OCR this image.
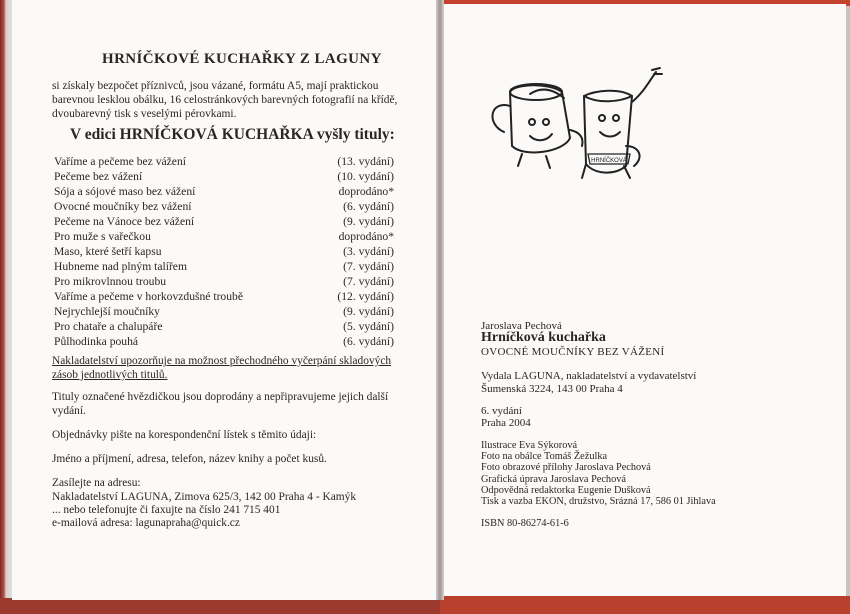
HRNÍČKOVÉ KUCHAŘKY Z LAGUNY
si získaly bezpočet příznivců, jsou vázané, formátu A5, mají praktickou barevnou lesklou obálku, 16 celostránkových barevných fotografií na křídě, dvoubarevný tisk s veselými pérovkami.
V edici HRNÍČKOVÁ KUCHAŘKA vyšly tituly:
Vaříme a pečeme bez vážení	(13. vydání)
Pečeme bez vážení	(10. vydání)
Sója a sójové maso bez vážení	doprodáno*
Ovocné moučníky bez vážení	(6. vydání)
Pečeme na Vánoce bez vážení	(9. vydání)
Pro muže s vařečkou	doprodáno*
Maso, které šetří kapsu	(3. vydání)
Hubneme nad plným talířem	(7. vydání)
Pro mikrovlnnou troubu	(7. vydání)
Vaříme a pečeme v horkovzdušné troubě	(12. vydání)
Nejrychlejší moučníky	(9. vydání)
Pro chataře a chalupáře	(5. vydání)
Půlhodinka pouhá	(6. vydání)
Nakladatelství upozorňuje na možnost přechodného vyčerpání skladových zásob jednotlivých titulů.
Tituly označené hvězdičkou jsou doprodány a nepřipravujeme jejich další vydání.
Objednávky pište na korespondenční lístek s těmito údaji:
Jméno a příjmení, adresa, telefon, název knihy a počet kusů.
Zasílejte na adresu:
Nakladatelství LAGUNA, Zimova 625/3, 142 00 Praha 4 - Kamýk
... nebo telefonujte či faxujte na číslo 241 715 401
e-mailová adresa: lagunapraha@quick.cz
HRNÍČKOVÁ
Jaroslava Pechová
Hrníčková kuchařka
OVOCNÉ MOUČNÍKY BEZ VÁŽENÍ
Vydala LAGUNA, nakladatelství a vydavatelství
Šumenská 3224, 143 00 Praha 4
6. vydání
Praha 2004
Ilustrace Eva Sýkorová
Foto na obálce Tomáš Žežulka
Foto obrazové přílohy Jaroslava Pechová
Grafická úprava Jaroslava Pechová
Odpovědná redaktorka Eugenie Dušková
Tisk a vazba EKON, družstvo, Srázná 17, 586 01 Jihlava
ISBN 80-86274-61-6
